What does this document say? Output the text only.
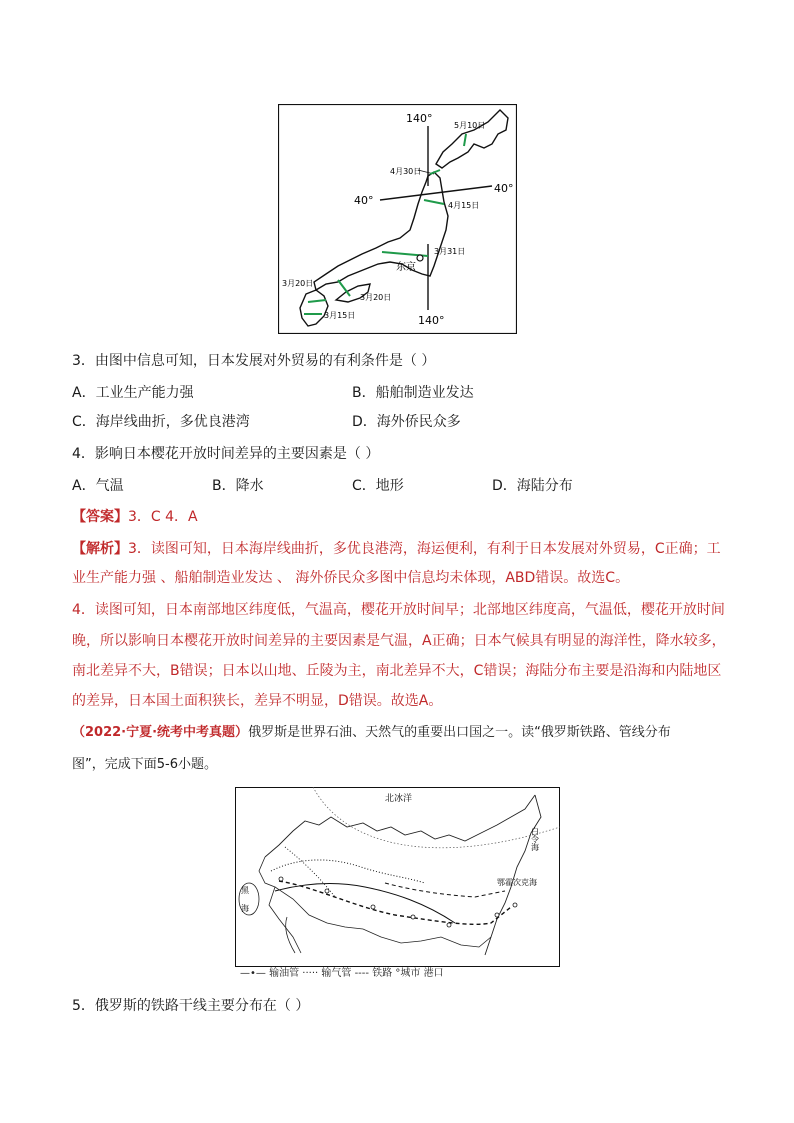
140°
5月10日
4月30日
40°
40°	4月15日
3月31日
东京
3月20日
3月20日
3月15日	140°
3．由图中信息可知，日本发展对外贸易的有利条件是（ ）
A．工业生产能力强	B．船舶制造业发达
C．海岸线曲折，多优良港湾	D．海外侨民众多
4．影响日本樱花开放时间差异的主要因素是（ ）
A．气温	B．降水	C．地形	D．海陆分布
【答案】3．C 4．A
【解析】3．读图可知，日本海岸线曲折，多优良港湾，海运便利，有利于日本发展对外贸易，C正确；工
业生产能力强 、船舶制造业发达 、 海外侨民众多图中信息均未体现，ABD错误。故选C。
4．读图可知，日本南部地区纬度低，气温高，樱花开放时间早；北部地区纬度高，气温低，樱花开放时间
晚，所以影响日本樱花开放时间差异的主要因素是气温，A正确；日本气候具有明显的海洋性，降水较多，
南北差异不大，B错误；日本以山地、丘陵为主，南北差异不大，C错误；海陆分布主要是沿海和内陆地区
的差异，日本国土面积狭长，差异不明显，D错误。故选A。
（2022·宁夏·统考中考真题）俄罗斯是世界石油、天然气的重要出口国之一。读“俄罗斯铁路、管线分布
图”，完成下面5-6小题。
北冰洋
白令海
鄂霍次克海
黑
海
—•— 输油管 ····· 输气管 ---- 铁路 °城市 港口
5．俄罗斯的铁路干线主要分布在（ ）
